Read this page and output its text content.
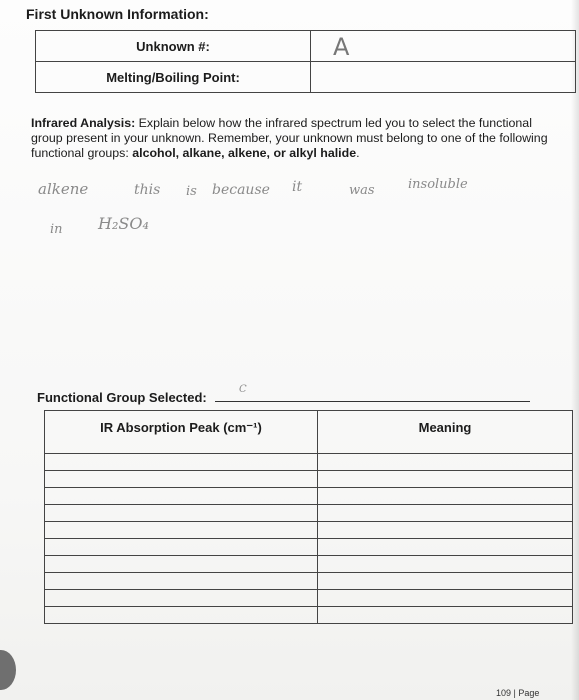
First Unknown Information:
Unknown #:	A

Melting/Boiling Point:	
Infrared Analysis: Explain below how the infrared spectrum led you to select the functional group present in your unknown. Remember, your unknown must belong to one of the following functional groups: alcohol, alkane, alkene, or alkyl halide.
alkene	this is because it	was	insoluble
in H₂SO₄
Functional Group Selected:
C
IR Absorption Peak (cm⁻¹)	Meaning

109 | Page
